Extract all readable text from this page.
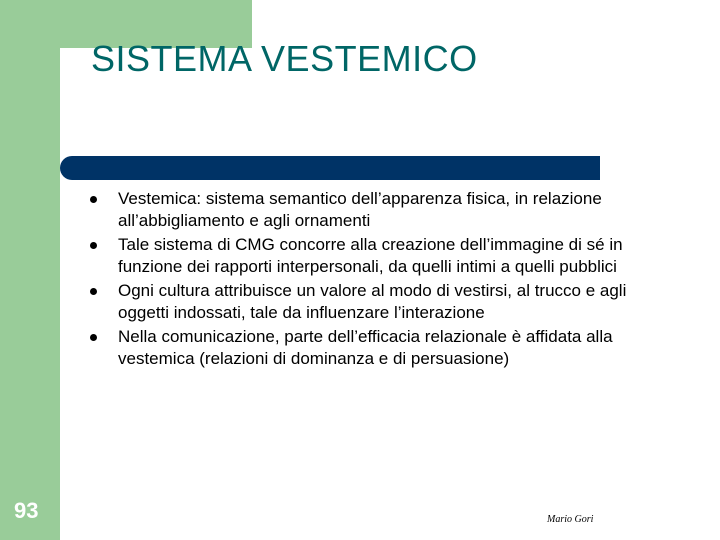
SISTEMA VESTEMICO
Vestemica: sistema semantico dell’apparenza fisica, in relazione all’abbigliamento e agli ornamenti
Tale sistema di CMG concorre alla creazione dell’immagine di sé in funzione dei rapporti interpersonali, da quelli intimi a quelli pubblici
Ogni cultura attribuisce un valore al modo di vestirsi, al trucco e agli oggetti indossati, tale da influenzare l’interazione
Nella comunicazione, parte dell’efficacia relazionale è affidata alla vestemica (relazioni di dominanza e di persuasione)
93	Mario Gori
